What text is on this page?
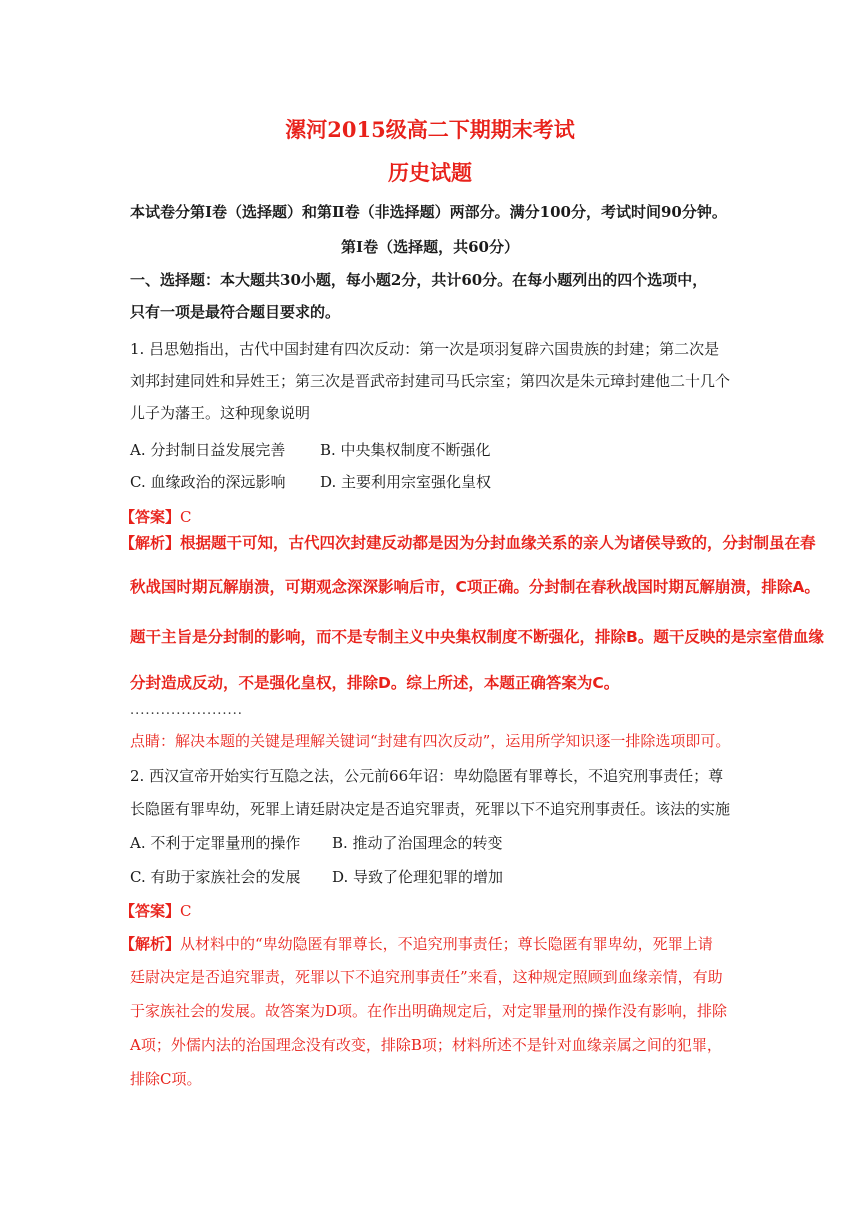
漯河2015级高二下期期末考试
历史试题
本试卷分第Ⅰ卷（选择题）和第Ⅱ卷（非选择题）两部分。满分100分，考试时间90分钟。
第Ⅰ卷（选择题，共60分）
一、选择题：本大题共30小题，每小题2分，共计60分。在每小题列出的四个选项中，
只有一项是最符合题目要求的。
1. 吕思勉指出，古代中国封建有四次反动：第一次是项羽复辟六国贵族的封建；第二次是
刘邦封建同姓和异姓王；第三次是晋武帝封建司马氏宗室；第四次是朱元璋封建他二十几个
儿子为藩王。这种现象说明
A. 分封制日益发展完善 B. 中央集权制度不断强化
C. 血缘政治的深远影响 D. 主要利用宗室强化皇权
【答案】C
【解析】根据题干可知，古代四次封建反动都是因为分封血缘关系的亲人为诸侯导致的，分封制虽在春
秋战国时期瓦解崩溃，可期观念深深影响后市，C项正确。分封制在春秋战国时期瓦解崩溃，排除A。
题干主旨是分封制的影响，而不是专制主义中央集权制度不断强化，排除B。题干反映的是宗室借血缘
分封造成反动，不是强化皇权，排除D。综上所述，本题正确答案为C。
......................
点睛：解决本题的关键是理解关键词“封建有四次反动”，运用所学知识逐一排除选项即可。
2. 西汉宣帝开始实行互隐之法，公元前66年诏：卑幼隐匿有罪尊长，不追究刑事责任；尊
长隐匿有罪卑幼，死罪上请廷尉决定是否追究罪责，死罪以下不追究刑事责任。该法的实施
A. 不利于定罪量刑的操作 B. 推动了治国理念的转变
C. 有助于家族社会的发展 D. 导致了伦理犯罪的增加
【答案】C
【解析】从材料中的“卑幼隐匿有罪尊长，不追究刑事责任；尊长隐匿有罪卑幼，死罪上请
廷尉决定是否追究罪责，死罪以下不追究刑事责任”来看，这种规定照顾到血缘亲情，有助
于家族社会的发展。故答案为D项。在作出明确规定后，对定罪量刑的操作没有影响，排除
A项；外儒内法的治国理念没有改变，排除B项；材料所述不是针对血缘亲属之间的犯罪，
排除C项。
